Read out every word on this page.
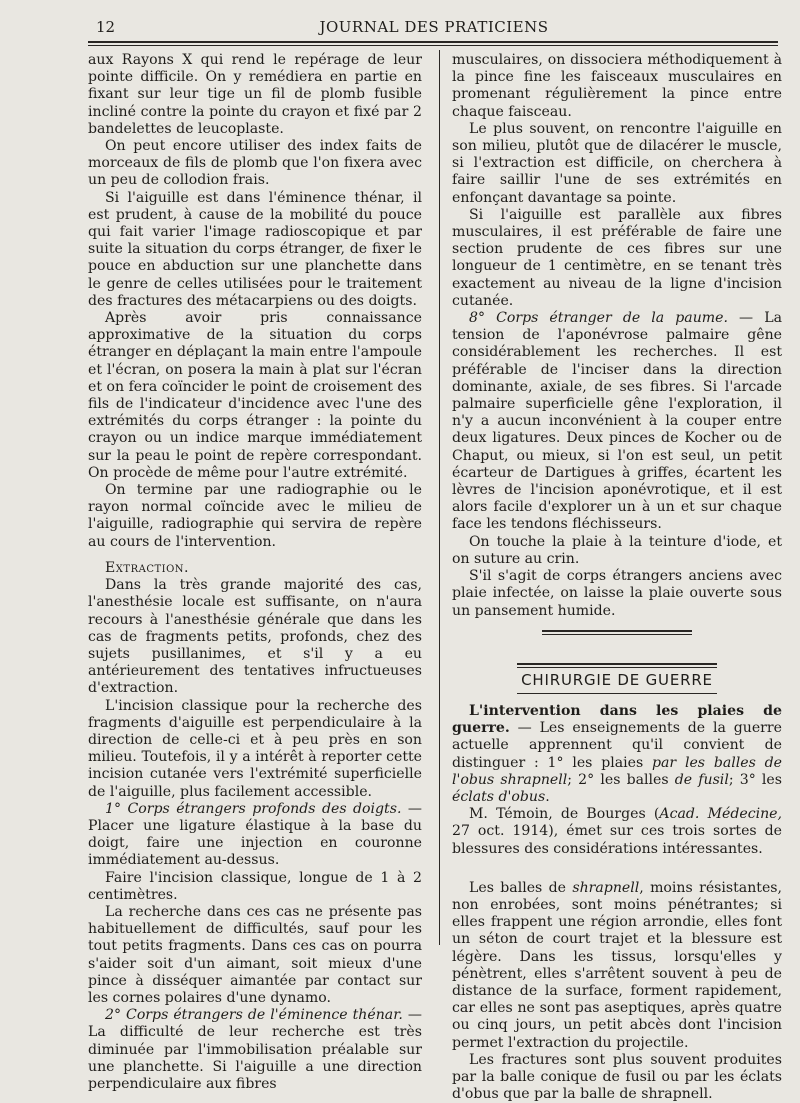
12	JOURNAL DES PRATICIENS

aux Rayons X qui rend le repérage de leur pointe difficile. On y remédiera en partie en fixant sur leur tige un fil de plomb fusible incliné contre la pointe du crayon et fixé par 2 bandelettes de leucoplaste.

On peut encore utiliser des index faits de morceaux de fils de plomb que l'on fixera avec un peu de collodion frais.

Si l'aiguille est dans l'éminence thénar, il est prudent, à cause de la mobilité du pouce qui fait varier l'image radioscopique et par suite la situation du corps étranger, de fixer le pouce en abduction sur une planchette dans le genre de celles utilisées pour le traitement des fractures des métacarpiens ou des doigts.

Après avoir pris connaissance approximative de la situation du corps étranger en déplaçant la main entre l'ampoule et l'écran, on posera la main à plat sur l'écran et on fera coïncider le point de croisement des fils de l'indicateur d'incidence avec l'une des extrémités du corps étranger : la pointe du crayon ou un indice marque immédiatement sur la peau le point de repère correspondant. On procède de même pour l'autre extrémité.

On termine par une radiographie ou le rayon normal coïncide avec le milieu de l'aiguille, radiographie qui servira de repère au cours de l'intervention.

Extraction.

Dans la très grande majorité des cas, l'anesthésie locale est suffisante, on n'aura recours à l'anesthésie générale que dans les cas de fragments petits, profonds, chez des sujets pusillanimes, et s'il y a eu antérieurement des tentatives infructueuses d'extraction.

L'incision classique pour la recherche des fragments d'aiguille est perpendiculaire à la direction de celle-ci et à peu près en son milieu. Toutefois, il y a intérêt à reporter cette incision cutanée vers l'extrémité superficielle de l'aiguille, plus facilement accessible.

1° Corps étrangers profonds des doigts. —Placer une ligature élastique à la base du doigt, faire une injection en couronne immédiatement au-dessus.

Faire l'incision classique, longue de 1 à 2 centimètres.

La recherche dans ces cas ne présente pas habituellement de difficultés, sauf pour les tout petits fragments. Dans ces cas on pourra s'aider soit d'un aimant, soit mieux d'une pince à disséquer aimantée par contact sur les cornes polaires d'une dynamo.

2° Corps étrangers de l'éminence thénar. — La difficulté de leur recherche est très diminuée par l'immobilisation préalable sur une planchette. Si l'aiguille a une direction perpendiculaire aux fibres

musculaires, on dissociera méthodiquement à la pince fine les faisceaux musculaires en promenant régulièrement la pince entre chaque faisceau.

Le plus souvent, on rencontre l'aiguille en son milieu, plutôt que de dilacérer le muscle, si l'extraction est difficile, on cherchera à faire saillir l'une de ses extrémités en enfonçant davantage sa pointe.

Si l'aiguille est parallèle aux fibres musculaires, il est préférable de faire une section prudente de ces fibres sur une longueur de 1 centimètre, en se tenant très exactement au niveau de la ligne d'incision cutanée.

8° Corps étranger de la paume. — La tension de l'aponévrose palmaire gêne considérablement les recherches. Il est préférable de l'inciser dans la direction dominante, axiale, de ses fibres. Si l'arcade palmaire superficielle gêne l'exploration, il n'y a aucun inconvénient à la couper entre deux ligatures. Deux pinces de Kocher ou de Chaput, ou mieux, si l'on est seul, un petit écarteur de Dartigues à griffes, écartent les lèvres de l'incision aponévrotique, et il est alors facile d'explorer un à un et sur chaque face les tendons fléchisseurs.

On touche la plaie à la teinture d'iode, et on suture au crin.

S'il s'agit de corps étrangers anciens avec plaie infectée, on laisse la plaie ouverte sous un pansement humide.

CHIRURGIE DE GUERRE

L'intervention dans les plaies de guerre. — Les enseignements de la guerre actuelle apprennent qu'il convient de distinguer : 1° les plaies par les balles de l'obus shrapnell; 2° les balles de fusil; 3° les éclats d'obus.

M. Témoin, de Bourges (Acad. Médecine, 27 oct. 1914), émet sur ces trois sortes de blessures des considérations intéressantes.

Les balles de shrapnell, moins résistantes, non enrobées, sont moins pénétrantes; si elles frappent une région arrondie, elles font un séton de court trajet et la blessure est légère. Dans les tissus, lorsqu'elles y pénètrent, elles s'arrêtent souvent à peu de distance de la surface, forment rapidement, car elles ne sont pas aseptiques, après quatre ou cinq jours, un petit abcès dont l'incision permet l'extraction du projectile.

Les fractures sont plus souvent produites par la balle conique de fusil ou par les éclats d'obus que par la balle de shrapnell.
